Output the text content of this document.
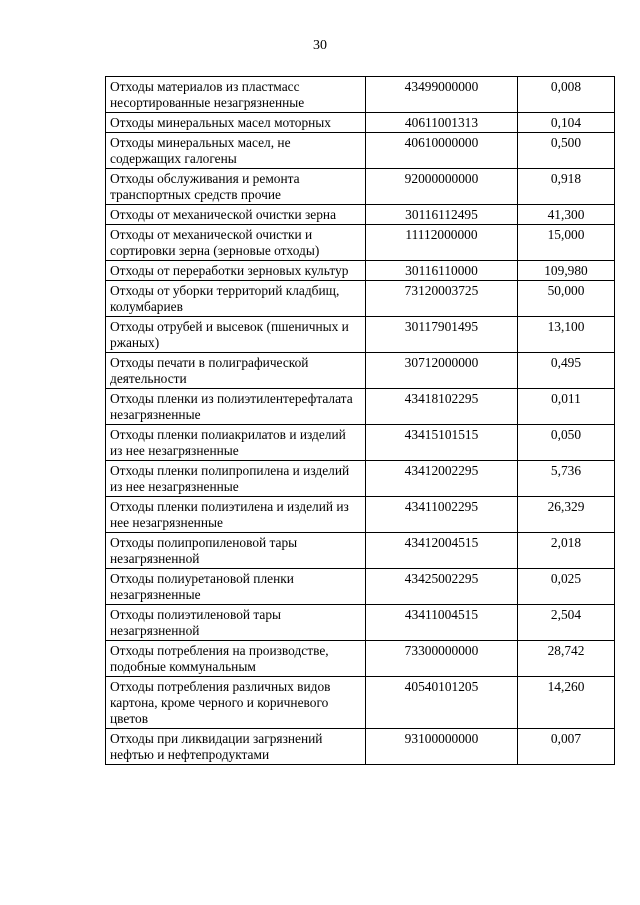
30
Отходы материалов из пластмасс несортированные незагрязненные	43499000000	0,008
Отходы минеральных масел моторных	40611001313	0,104
Отходы минеральных масел, не содержащих галогены	40610000000	0,500
Отходы обслуживания и ремонта транспортных средств прочие	92000000000	0,918
Отходы от механической очистки зерна	30116112495	41,300
Отходы от механической очистки и сортировки зерна (зерновые отходы)	11112000000	15,000
Отходы от переработки зерновых культур	30116110000	109,980
Отходы от уборки территорий кладбищ, колумбариев	73120003725	50,000
Отходы отрубей и высевок (пшеничных и ржаных)	30117901495	13,100
Отходы печати в полиграфической деятельности	30712000000	0,495
Отходы пленки из полиэтилентерефталата незагрязненные	43418102295	0,011
Отходы пленки полиакрилатов и изделий из нее незагрязненные	43415101515	0,050
Отходы пленки полипропилена и изделий из нее незагрязненные	43412002295	5,736
Отходы пленки полиэтилена и изделий из нее незагрязненные	43411002295	26,329
Отходы полипропиленовой тары незагрязненной	43412004515	2,018
Отходы полиуретановой пленки незагрязненные	43425002295	0,025
Отходы полиэтиленовой тары незагрязненной	43411004515	2,504
Отходы потребления на производстве, подобные коммунальным	73300000000	28,742
Отходы потребления различных видов картона, кроме черного и коричневого цветов	40540101205	14,260
Отходы при ликвидации загрязнений нефтью и нефтепродуктами	93100000000	0,007
